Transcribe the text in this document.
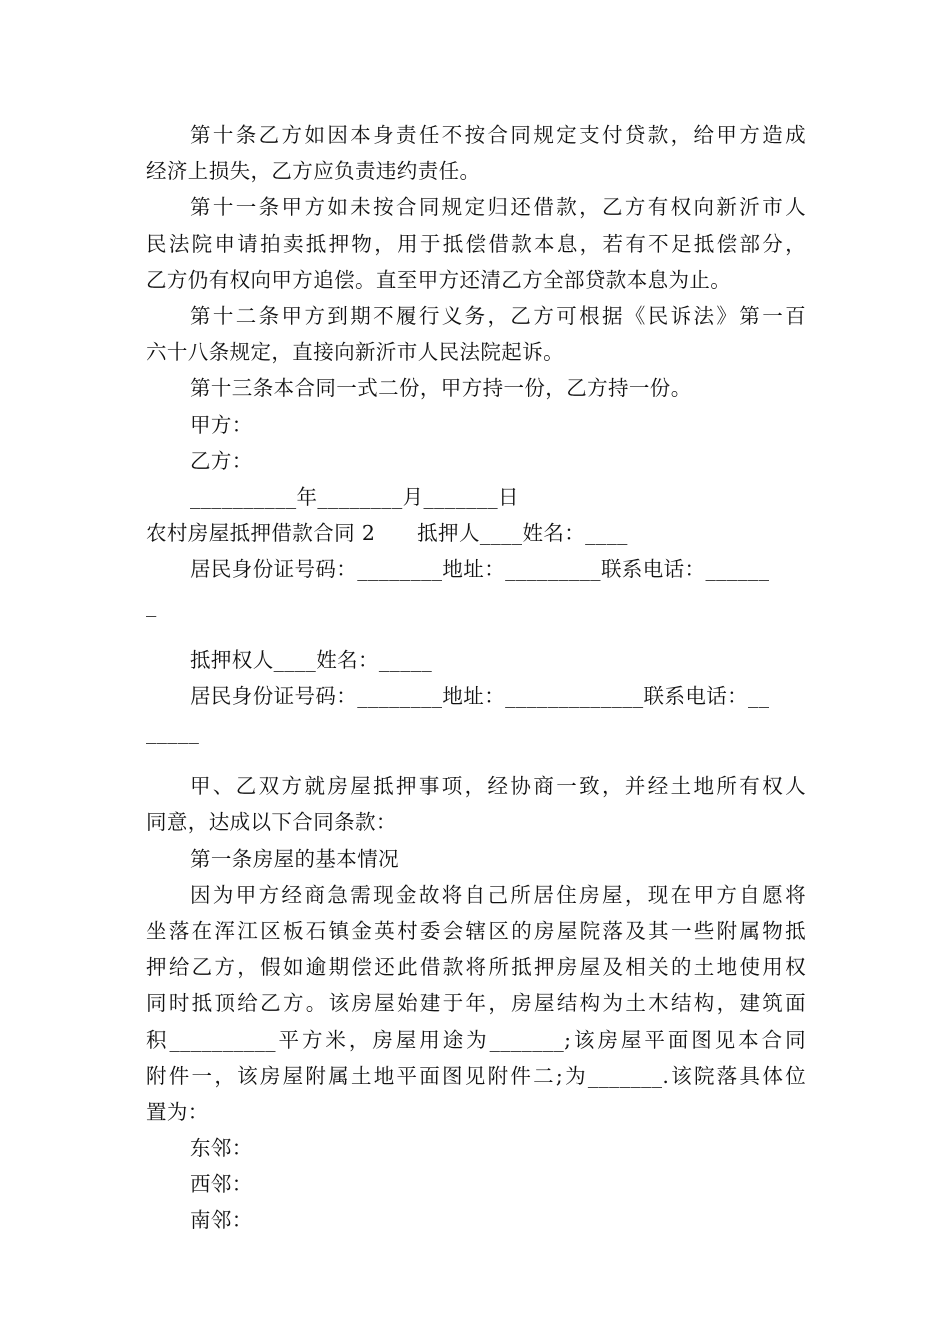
第十条乙方如因本身责任不按合同规定支付贷款，给甲方造成
经济上损失，乙方应负责违约责任。
第十一条甲方如未按合同规定归还借款，乙方有权向新沂市人
民法院申请拍卖抵押物，用于抵偿借款本息，若有不足抵偿部分，
乙方仍有权向甲方追偿。直至甲方还清乙方全部贷款本息为止。
第十二条甲方到期不履行义务，乙方可根据《民诉法》第一百
六十八条规定，直接向新沂市人民法院起诉。
第十三条本合同一式二份，甲方持一份，乙方持一份。
甲方：
乙方：
__________年________月_______日
农村房屋抵押借款合同 2　　抵押人____姓名：____
居民身份证号码：________地址：_________联系电话：______
_
抵押权人____姓名：_____
居民身份证号码：________地址：_____________联系电话：__
_____
甲、乙双方就房屋抵押事项，经协商一致，并经土地所有权人
同意，达成以下合同条款：
第一条房屋的基本情况
因为甲方经商急需现金故将自己所居住房屋，现在甲方自愿将
坐落在浑江区板石镇金英村委会辖区的房屋院落及其一些附属物抵
押给乙方，假如逾期偿还此借款将所抵押房屋及相关的土地使用权
同时抵顶给乙方。该房屋始建于年，房屋结构为土木结构，建筑面
积__________平方米，房屋用途为_______;该房屋平面图见本合同
附件一，该房屋附属土地平面图见附件二;为_______.该院落具体位
置为：
东邻：
西邻：
南邻：
